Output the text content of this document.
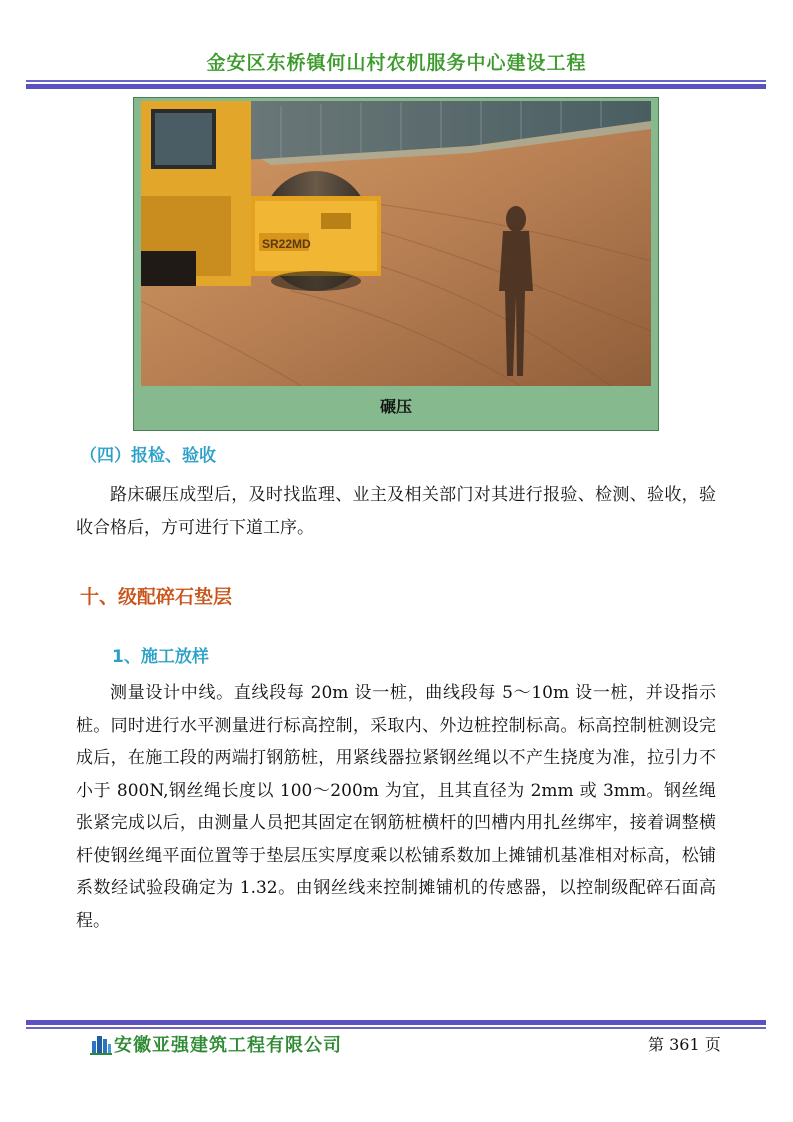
金安区东桥镇何山村农机服务中心建设工程
SR22MD
碾压
（四）报检、验收
路床碾压成型后，及时找监理、业主及相关部门对其进行报验、检测、验收，验收合格后，方可进行下道工序。
十、级配碎石垫层
1、施工放样
测量设计中线。直线段每 20m 设一桩，曲线段每 5～10m 设一桩，并设指示桩。同时进行水平测量进行标高控制，采取内、外边桩控制标高。标高控制桩测设完成后，在施工段的两端打钢筋桩，用紧线器拉紧钢丝绳以不产生挠度为准，拉引力不小于 800N,钢丝绳长度以 100～200m 为宜，且其直径为 2mm 或 3mm。钢丝绳张紧完成以后，由测量人员把其固定在钢筋桩横杆的凹槽内用扎丝绑牢，接着调整横杆使钢丝绳平面位置等于垫层压实厚度乘以松铺系数加上摊铺机基准相对标高，松铺系数经试验段确定为 1.32。由钢丝线来控制摊铺机的传感器，以控制级配碎石面高程。
安徽亚强建筑工程有限公司	第 361 页
